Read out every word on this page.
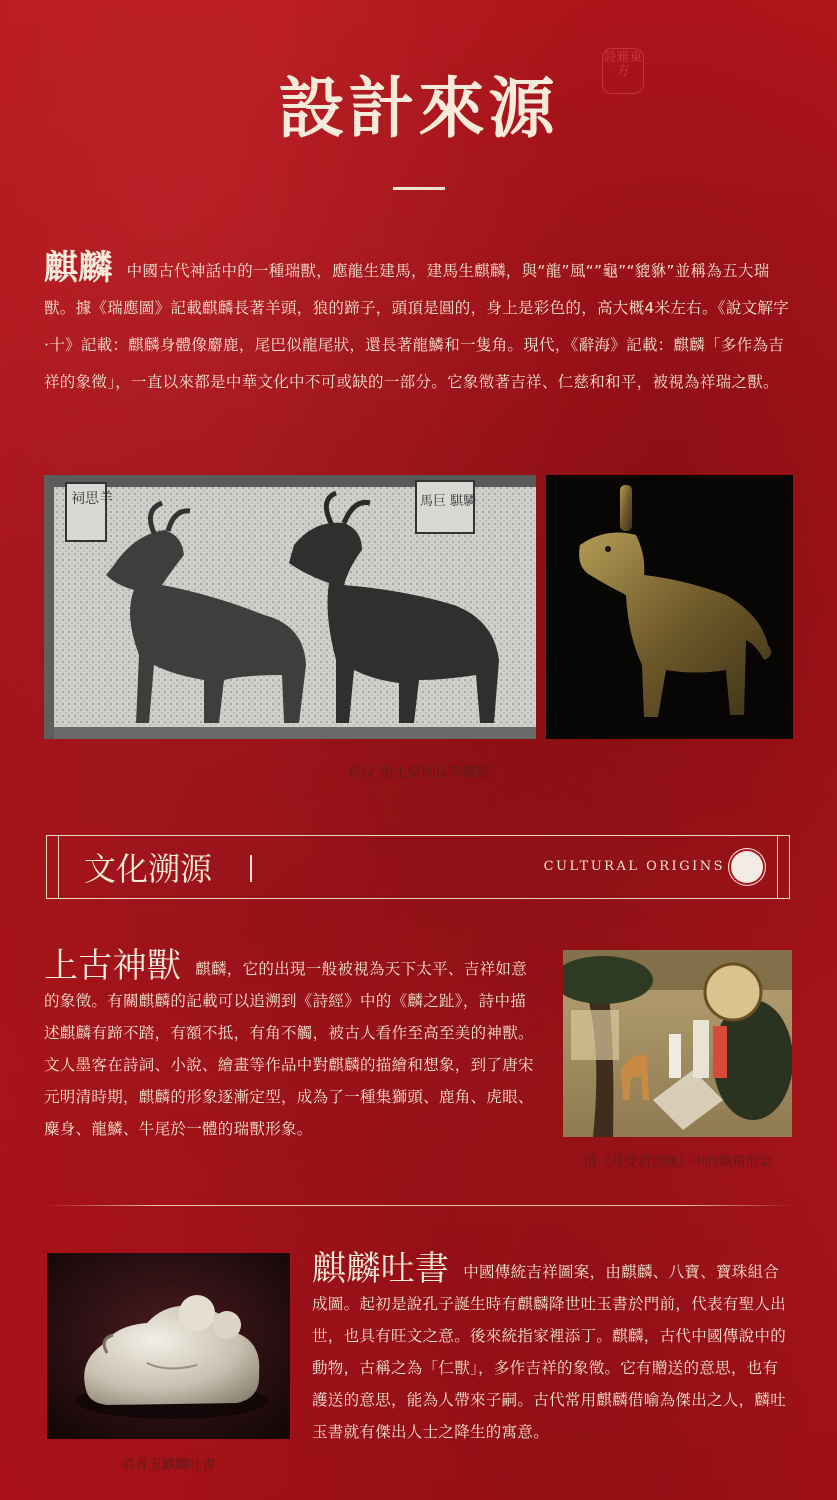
設計來源
詩雅東方
麒麟 中國古代神話中的一種瑞獸，應龍生建馬，建馬生麒麟，與“龍”風“”龜”“貔貅”並稱為五大瑞獸。據《瑞應圖》記載麒麟長著羊頭，狼的蹄子，頭頂是圓的，身上是彩色的，高大概4米左右。《說文解字·十》記載：麒麟身體像麝鹿，尾巴似龍尾狀，還長著龍鱗和一隻角。現代，《辭海》記載：麒麟「多作為吉祥的象徵」，一直以來都是中華文化中不可或缺的一部分。它象徵著吉祥、仁慈和和平，被視為祥瑞之獸。
祠思羊	馬巨 騏驎
东汉 出土壁画&青铜器
文化溯源	CULTURAL ORIGINS
上古神獸 麒麟，它的出現一般被視為天下太平、吉祥如意的象徵。有關麒麟的記載可以追溯到《詩經》中的《麟之趾》，詩中描述麒麟有蹄不踏，有額不抵，有角不觸，被古人看作至高至美的神獸。文人墨客在詩詞、小說、繪畫等作品中對麒麟的描繪和想象，到了唐宋元明清時期，麒麟的形象逐漸定型，成為了一種集獅頭、鹿角、虎眼、麋身、龍鱗、牛尾於一體的瑞獸形象。
清《月受消遊圖》中的麒精形象
消青玉麒麟吐書
麒麟吐書 中國傳統吉祥圖案，由麒麟、八寶、寶珠組合成圖。起初是說孔子誕生時有麒麟降世吐玉書於門前，代表有聖人出世，也具有旺文之意。後來統指家裡添丁。麒麟，古代中國傳說中的動物，古稱之為「仁獸」，多作吉祥的象徵。它有贈送的意思，也有護送的意思，能為人帶來子嗣。古代常用麒麟借喻為傑出之人，麟吐玉書就有傑出人士之降生的寓意。
